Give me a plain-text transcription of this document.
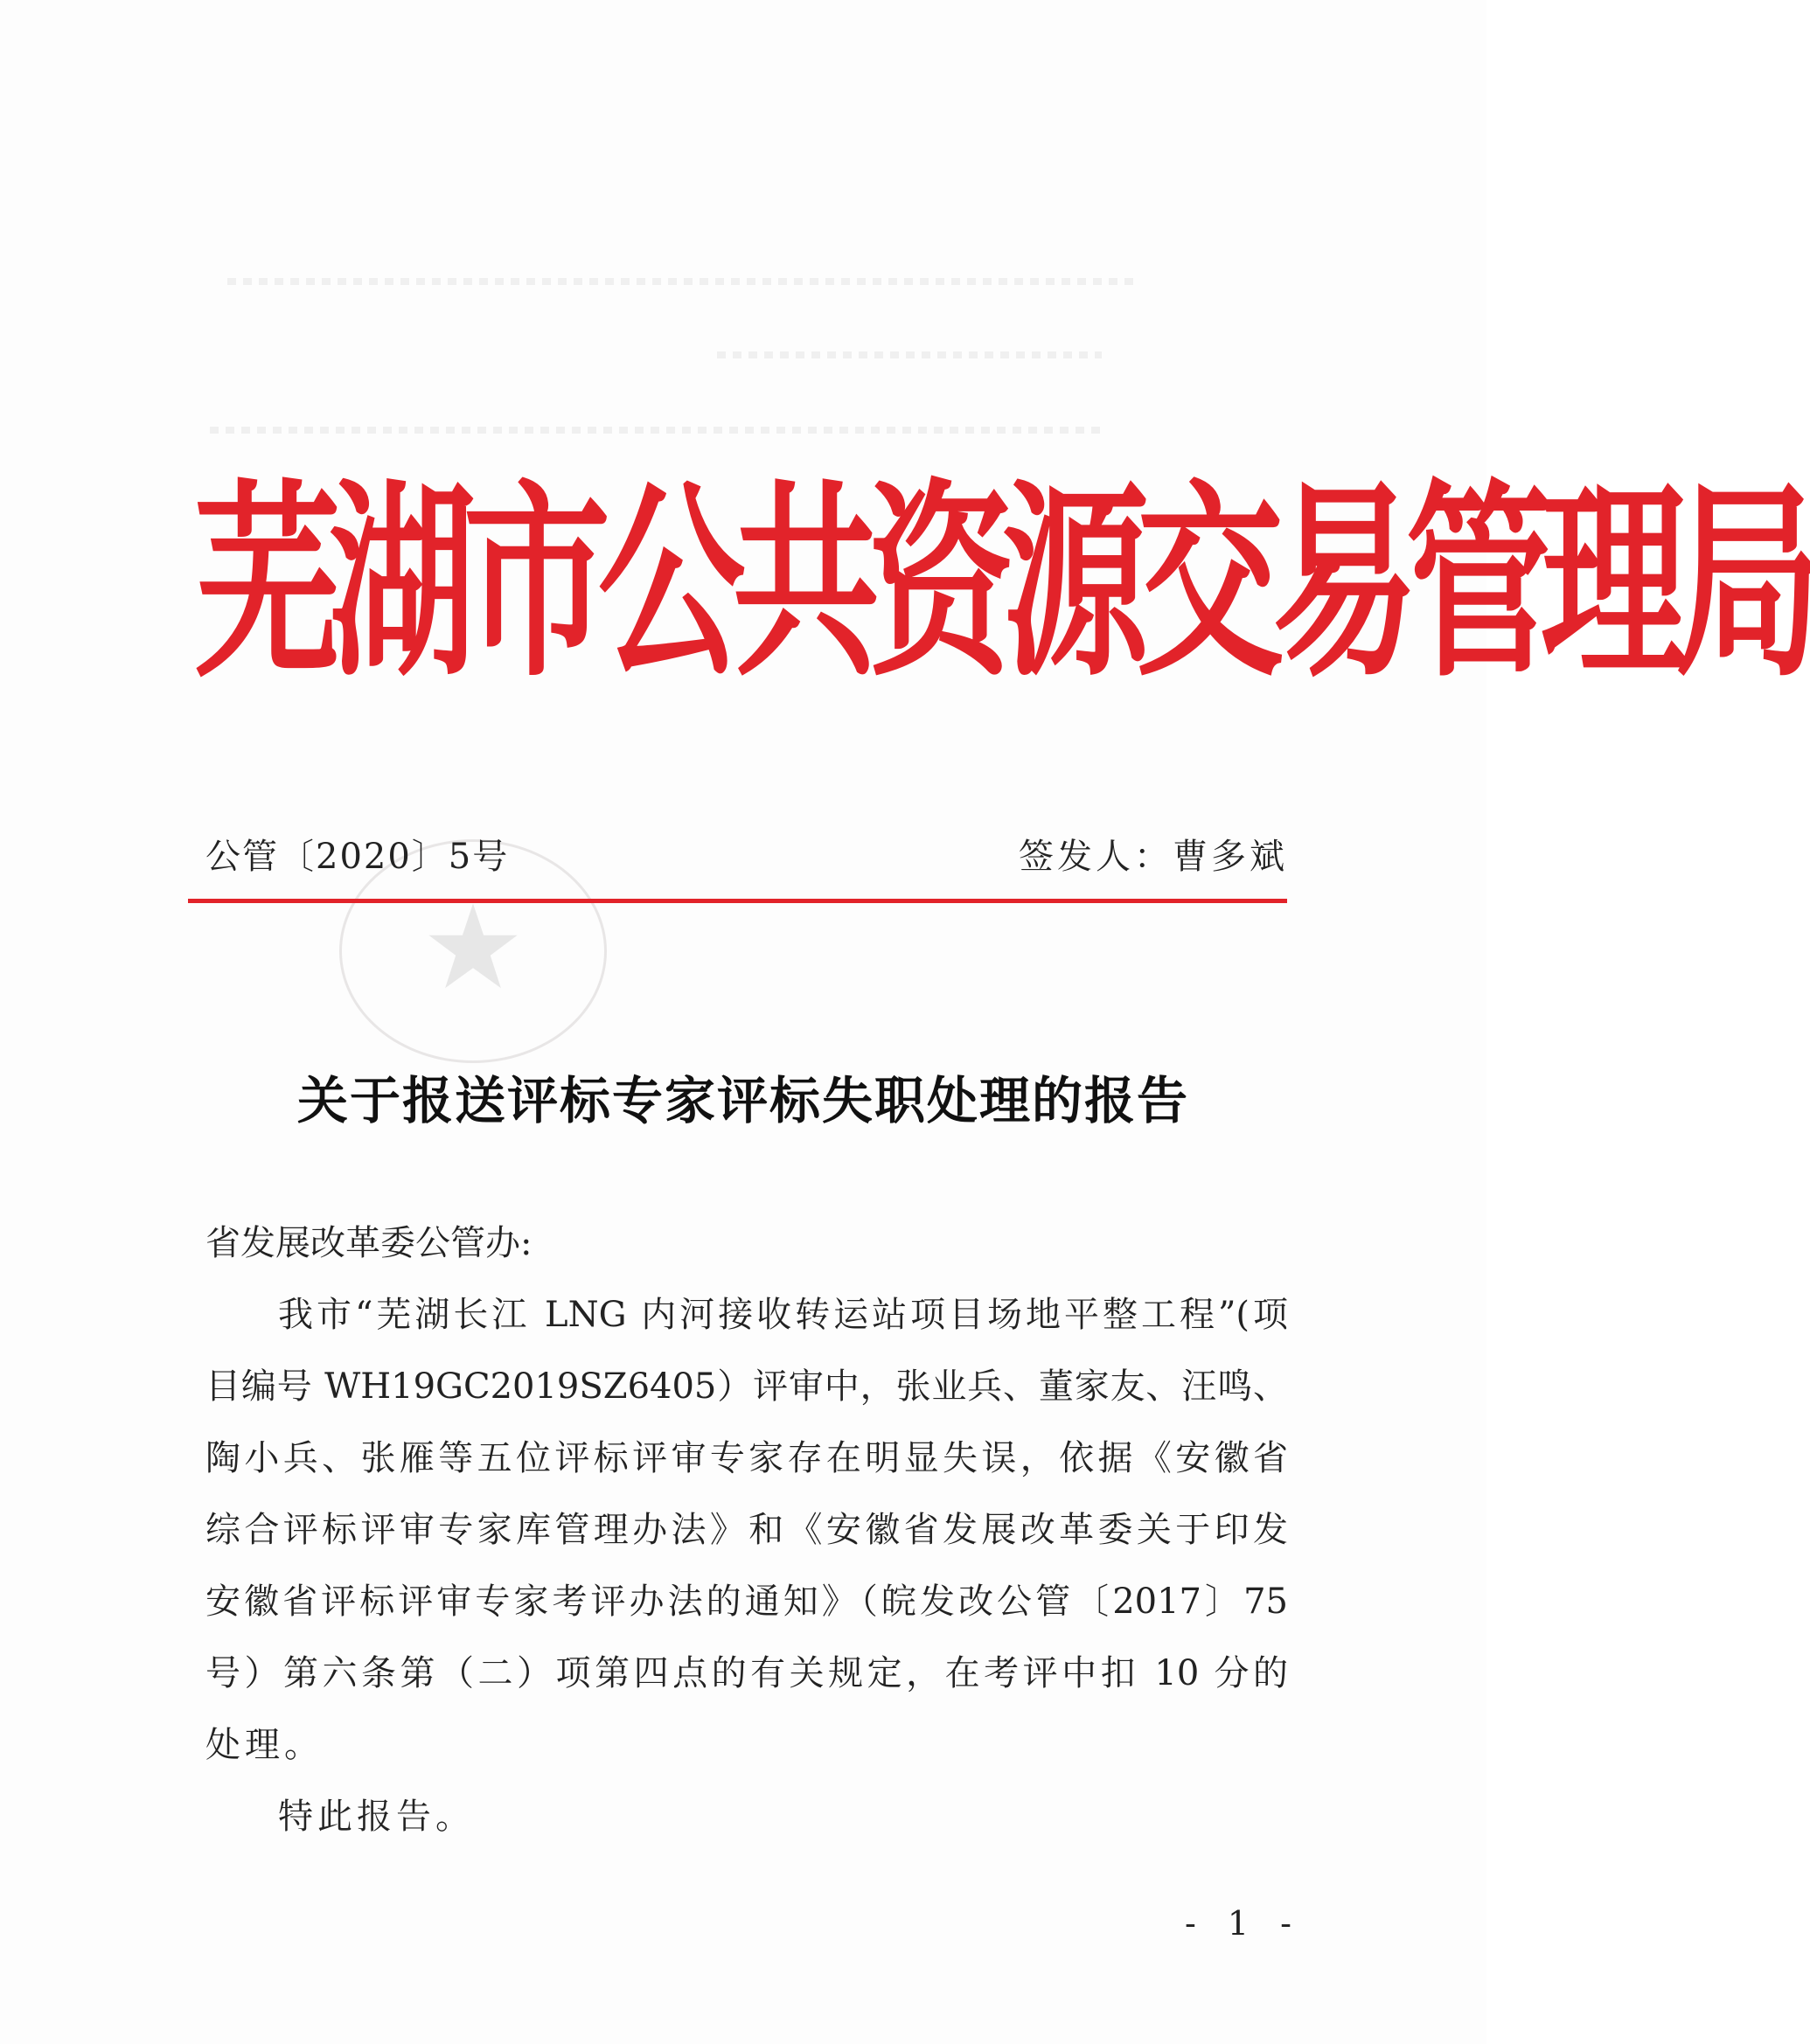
芜湖市公共资源交易管理局
公管〔2020〕5号	签发人：曹多斌
关于报送评标专家评标失职处理的报告
省发展改革委公管办:
我市“芜湖长江 LNG 内河接收转运站项目场地平整工程”(项
目编号 WH19GC2019SZ6405）评审中，张业兵、董家友、汪鸣、
陶小兵、张雁等五位评标评审专家存在明显失误，依据《安徽省
综合评标评审专家库管理办法》和《安徽省发展改革委关于印发
安徽省评标评审专家考评办法的通知》（皖发改公管〔2017〕75
号）第六条第（二）项第四点的有关规定，在考评中扣 10 分的
处理。
特此报告。
- 1 -
